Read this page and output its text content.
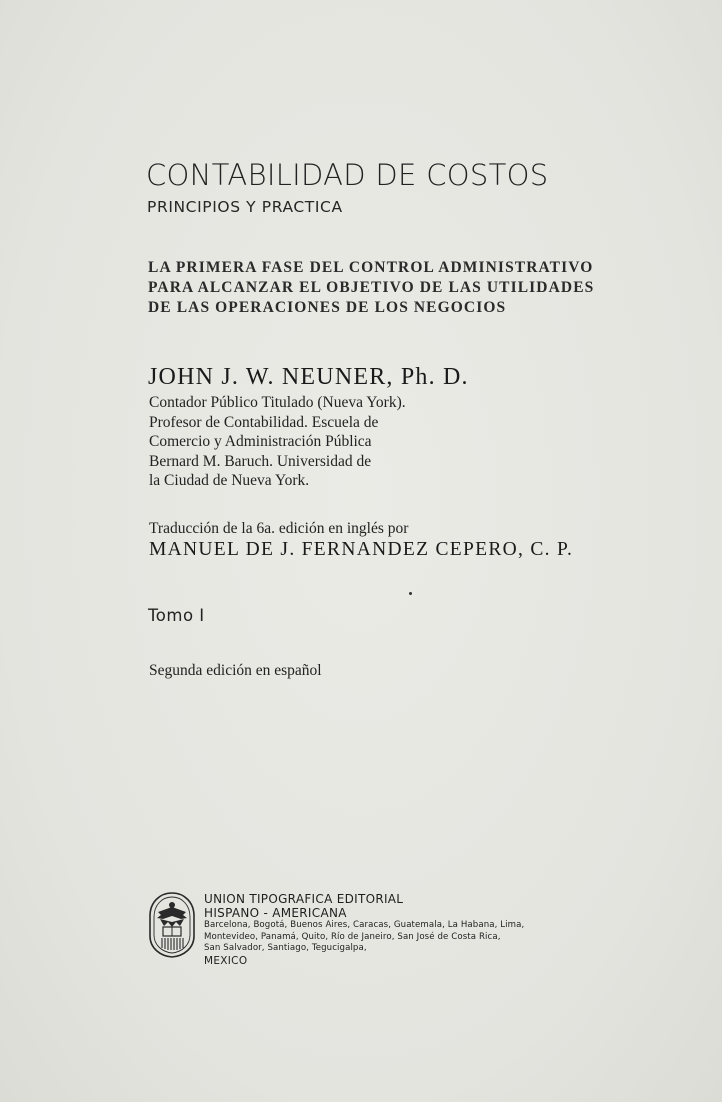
CONTABILIDAD DE COSTOS
PRINCIPIOS Y PRACTICA
LA PRIMERA FASE DEL CONTROL ADMINISTRATIVO
PARA ALCANZAR EL OBJETIVO DE LAS UTILIDADES
DE LAS OPERACIONES DE LOS NEGOCIOS
JOHN J. W. NEUNER, Ph. D.
Contador Público Titulado (Nueva York).
Profesor de Contabilidad. Escuela de
Comercio y Administración Pública
Bernard M. Baruch. Universidad de
la Ciudad de Nueva York.
Traducción de la 6a. edición en inglés por
MANUEL DE J. FERNANDEZ CEPERO, C. P.
Tomo I
Segunda edición en español
UNION TIPOGRAFICA EDITORIAL
HISPANO - AMERICANA
Barcelona, Bogotá, Buenos Aires, Caracas, Guatemala, La Habana, Lima,
Montevideo, Panamá, Quito, Río de Janeiro, San José de Costa Rica,
San Salvador, Santiago, Tegucigalpa,
MEXICO
